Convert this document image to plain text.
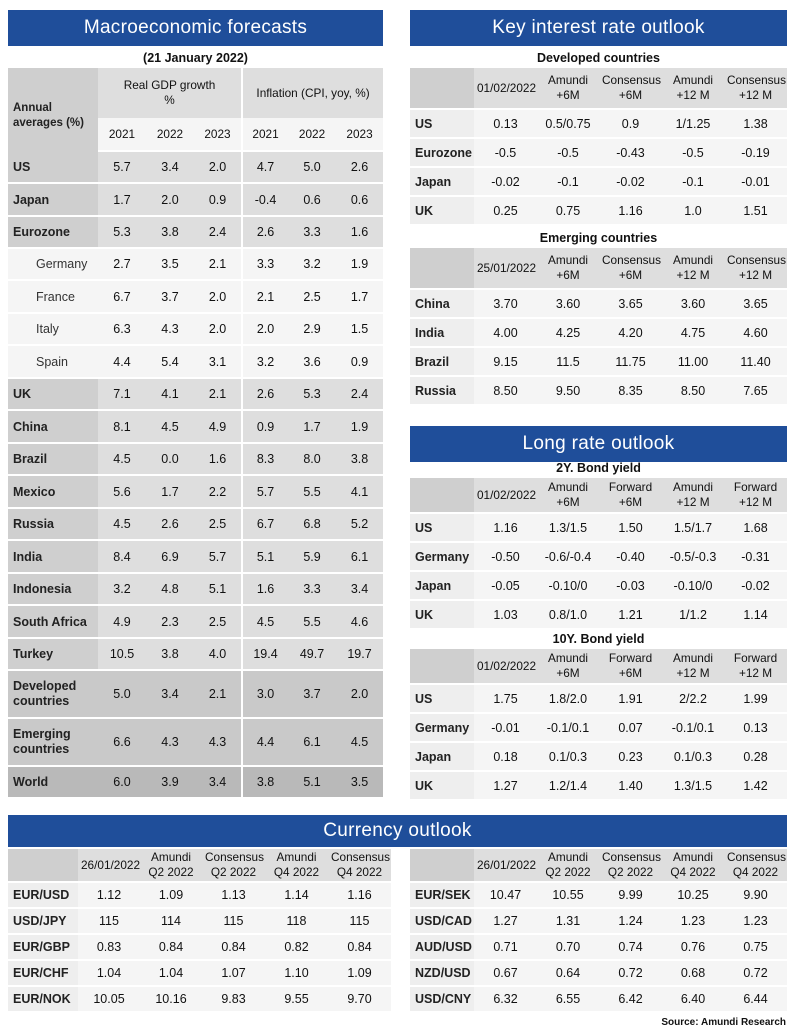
Macroeconomic forecasts
(21 January 2022)
Annual averages (%)	Real GDP growth %			Inflation (CPI, yoy, %)		

	2021	2022	2023	2021	2022	2023
US	5.7	3.4	2.0	4.7	5.0	2.6
Japan	1.7	2.0	0.9	-0.4	0.6	0.6
Eurozone	5.3	3.8	2.4	2.6	3.3	1.6
Germany	2.7	3.5	2.1	3.3	3.2	1.9
France	6.7	3.7	2.0	2.1	2.5	1.7
Italy	6.3	4.3	2.0	2.0	2.9	1.5
Spain	4.4	5.4	3.1	3.2	3.6	0.9
UK	7.1	4.1	2.1	2.6	5.3	2.4
China	8.1	4.5	4.9	0.9	1.7	1.9
Brazil	4.5	0.0	1.6	8.3	8.0	3.8
Mexico	5.6	1.7	2.2	5.7	5.5	4.1
Russia	4.5	2.6	2.5	6.7	6.8	5.2
India	8.4	6.9	5.7	5.1	5.9	6.1
Indonesia	3.2	4.8	5.1	1.6	3.3	3.4
South Africa	4.9	2.3	2.5	4.5	5.5	4.6
Turkey	10.5	3.8	4.0	19.4	49.7	19.7
Developed countries	5.0	3.4	2.1	3.0	3.7	2.0
Emerging countries	6.6	4.3	4.3	4.4	6.1	4.5
World	6.0	3.9	3.4	3.8	5.1	3.5
Key interest rate outlook
Developed countries
	01/02/2022	Amundi +6M	Consensus +6M	Amundi +12 M	Consensus +12 M
US	0.13	0.5/0.75	0.9	1/1.25	1.38
Eurozone	-0.5	-0.5	-0.43	-0.5	-0.19
Japan	-0.02	-0.1	-0.02	-0.1	-0.01
UK	0.25	0.75	1.16	1.0	1.51
Emerging countries
	25/01/2022	Amundi +6M	Consensus +6M	Amundi +12 M	Consensus +12 M
China	3.70	3.60	3.65	3.60	3.65
India	4.00	4.25	4.20	4.75	4.60
Brazil	9.15	11.5	11.75	11.00	11.40
Russia	8.50	9.50	8.35	8.50	7.65
Long rate outlook
2Y. Bond yield
	01/02/2022	Amundi +6M	Forward +6M	Amundi +12 M	Forward +12 M
US	1.16	1.3/1.5	1.50	1.5/1.7	1.68
Germany	-0.50	-0.6/-0.4	-0.40	-0.5/-0.3	-0.31
Japan	-0.05	-0.10/0	-0.03	-0.10/0	-0.02
UK	1.03	0.8/1.0	1.21	1/1.2	1.14
10Y. Bond yield
	01/02/2022	Amundi +6M	Forward +6M	Amundi +12 M	Forward +12 M
US	1.75	1.8/2.0	1.91	2/2.2	1.99
Germany	-0.01	-0.1/0.1	0.07	-0.1/0.1	0.13
Japan	0.18	0.1/0.3	0.23	0.1/0.3	0.28
UK	1.27	1.2/1.4	1.40	1.3/1.5	1.42
Currency outlook
	26/01/2022	Amundi Q2 2022	Consensus Q2 2022	Amundi Q4 2022	Consensus Q4 2022
EUR/USD	1.12	1.09	1.13	1.14	1.16
USD/JPY	115	114	115	118	115
EUR/GBP	0.83	0.84	0.84	0.82	0.84
EUR/CHF	1.04	1.04	1.07	1.10	1.09
EUR/NOK	10.05	10.16	9.83	9.55	9.70
	26/01/2022	Amundi Q2 2022	Consensus Q2 2022	Amundi Q4 2022	Consensus Q4 2022
EUR/SEK	10.47	10.55	9.99	10.25	9.90
USD/CAD	1.27	1.31	1.24	1.23	1.23
AUD/USD	0.71	0.70	0.74	0.76	0.75
NZD/USD	0.67	0.64	0.72	0.68	0.72
USD/CNY	6.32	6.55	6.42	6.40	6.44
Source: Amundi Research
